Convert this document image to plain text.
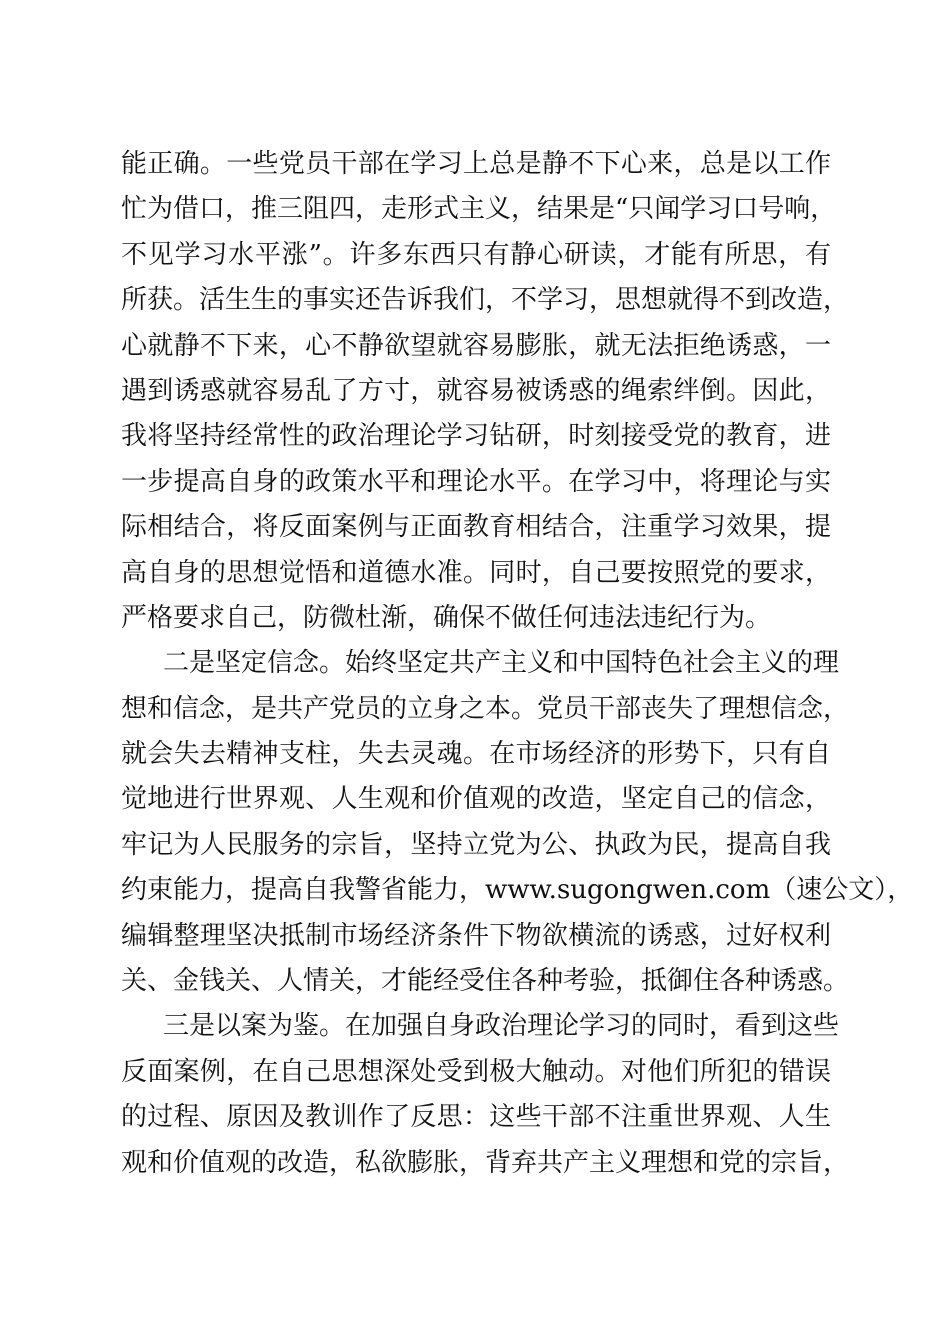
能正确。一些党员干部在学习上总是静不下心来，总是以工作
忙为借口，推三阻四，走形式主义，结果是“只闻学习口号响，
不见学习水平涨”。许多东西只有静心研读，才能有所思，有
所获。活生生的事实还告诉我们，不学习，思想就得不到改造，
心就静不下来，心不静欲望就容易膨胀，就无法拒绝诱惑，一
遇到诱惑就容易乱了方寸，就容易被诱惑的绳索绊倒。因此，
我将坚持经常性的政治理论学习钻研，时刻接受党的教育，进
一步提高自身的政策水平和理论水平。在学习中，将理论与实
际相结合，将反面案例与正面教育相结合，注重学习效果，提
高自身的思想觉悟和道德水准。同时，自己要按照党的要求，
严格要求自己，防微杜渐，确保不做任何违法违纪行为。
二是坚定信念。始终坚定共产主义和中国特色社会主义的理
想和信念，是共产党员的立身之本。党员干部丧失了理想信念，
就会失去精神支柱，失去灵魂。在市场经济的形势下，只有自
觉地进行世界观、人生观和价值观的改造，坚定自己的信念，
牢记为人民服务的宗旨，坚持立党为公、执政为民，提高自我
约束能力，提高自我警省能力，www.sugongwen.com（速公文），
编辑整理坚决抵制市场经济条件下物欲横流的诱惑，过好权利
关、金钱关、人情关，才能经受住各种考验，抵御住各种诱惑。
三是以案为鉴。在加强自身政治理论学习的同时，看到这些
反面案例，在自己思想深处受到极大触动。对他们所犯的错误
的过程、原因及教训作了反思：这些干部不注重世界观、人生
观和价值观的改造，私欲膨胀，背弃共产主义理想和党的宗旨，
